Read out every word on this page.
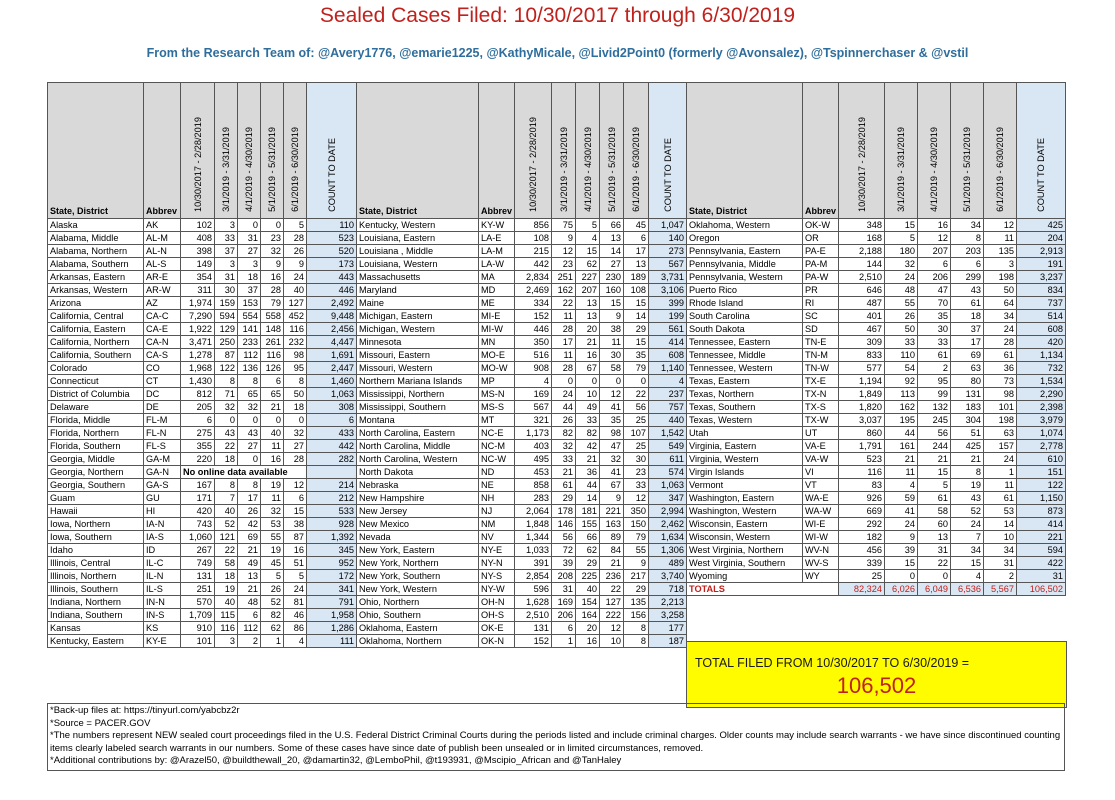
Sealed Cases Filed: 10/30/2017 through 6/30/2019
From the Research Team of: @Avery1776, @emarie1225, @KathyMicale, @Livid2Point0 (formerly @Avonsalez), @Tspinnerchaser & @vstil
State, District	Abbrev	10/30/2017 - 2/28/2019	3/1/2019 - 3/31/2019	4/1/2019 - 4/30/2019	5/1/2019 - 5/31/2019	6/1/2019 - 6/30/2019	COUNT TO DATE

Alaska	AK	102	3	0	0	5	110
Alabama, Middle	AL-M	408	33	31	23	28	523
Alabama, Northern	AL-N	398	37	27	32	26	520
Alabama, Southern	AL-S	149	3	3	9	9	173
Arkansas, Eastern	AR-E	354	31	18	16	24	443
Arkansas, Western	AR-W	311	30	37	28	40	446
Arizona	AZ	1,974	159	153	79	127	2,492
California, Central	CA-C	7,290	594	554	558	452	9,448
California, Eastern	CA-E	1,922	129	141	148	116	2,456
California, Northern	CA-N	3,471	250	233	261	232	4,447
California, Southern	CA-S	1,278	87	112	116	98	1,691
Colorado	CO	1,968	122	136	126	95	2,447
Connecticut	CT	1,430	8	8	6	8	1,460
District of Columbia	DC	812	71	65	65	50	1,063
Delaware	DE	205	32	32	21	18	308
Florida, Middle	FL-M	6	0	0	0	0	6
Florida, Northern	FL-N	275	43	43	40	32	433
Florida, Southern	FL-S	355	22	27	11	27	442
Georgia, Middle	GA-M	220	18	0	16	28	282
Georgia, Northern	GA-N	No online data available					
Georgia, Southern	GA-S	167	8	8	19	12	214
Guam	GU	171	7	17	11	6	212
Hawaii	HI	420	40	26	32	15	533
Iowa, Northern	IA-N	743	52	42	53	38	928
Iowa, Southern	IA-S	1,060	121	69	55	87	1,392
Idaho	ID	267	22	21	19	16	345
Illinois, Central	IL-C	749	58	49	45	51	952
Illinois, Northern	IL-N	131	18	13	5	5	172
Illinois, Southern	IL-S	251	19	21	26	24	341
Indiana, Northern	IN-N	570	40	48	52	81	791
Indiana, Southern	IN-S	1,709	115	6	82	46	1,958
Kansas	KS	910	116	112	62	86	1,286
Kentucky, Eastern	KY-E	101	3	2	1	4	111
State, District	Abbrev	10/30/2017 - 2/28/2019	3/1/2019 - 3/31/2019	4/1/2019 - 4/30/2019	5/1/2019 - 5/31/2019	6/1/2019 - 6/30/2019	COUNT TO DATE

Kentucky, Western	KY-W	856	75	5	66	45	1,047
Louisiana, Eastern	LA-E	108	9	4	13	6	140
Louisiana , Middle	LA-M	215	12	15	14	17	273
Louisiana, Western	LA-W	442	23	62	27	13	567
Massachusetts	MA	2,834	251	227	230	189	3,731
Maryland	MD	2,469	162	207	160	108	3,106
Maine	ME	334	22	13	15	15	399
Michigan, Eastern	MI-E	152	11	13	9	14	199
Michigan, Western	MI-W	446	28	20	38	29	561
Minnesota	MN	350	17	21	11	15	414
Missouri, Eastern	MO-E	516	11	16	30	35	608
Missouri, Western	MO-W	908	28	67	58	79	1,140
Northern Mariana Islands	MP	4	0	0	0	0	4
Mississippi, Northern	MS-N	169	24	10	12	22	237
Mississippi, Southern	MS-S	567	44	49	41	56	757
Montana	MT	321	26	33	35	25	440
North Carolina, Eastern	NC-E	1,173	82	82	98	107	1,542
North Carolina, Middle	NC-M	403	32	42	47	25	549
North Carolina, Western	NC-W	495	33	21	32	30	611
North Dakota	ND	453	21	36	41	23	574
Nebraska	NE	858	61	44	67	33	1,063
New Hampshire	NH	283	29	14	9	12	347
New Jersey	NJ	2,064	178	181	221	350	2,994
New Mexico	NM	1,848	146	155	163	150	2,462
Nevada	NV	1,344	56	66	89	79	1,634
New York, Eastern	NY-E	1,033	72	62	84	55	1,306
New York, Northern	NY-N	391	39	29	21	9	489
New York, Southern	NY-S	2,854	208	225	236	217	3,740
New York, Western	NY-W	596	31	40	22	29	718
Ohio, Northern	OH-N	1,628	169	154	127	135	2,213
Ohio, Southern	OH-S	2,510	206	164	222	156	3,258
Oklahoma, Eastern	OK-E	131	6	20	12	8	177
Oklahoma, Northern	OK-N	152	1	16	10	8	187
State, District	Abbrev	10/30/2017 - 2/28/2019	3/1/2019 - 3/31/2019	4/1/2019 - 4/30/2019	5/1/2019 - 5/31/2019	6/1/2019 - 6/30/2019	COUNT TO DATE

Oklahoma, Western	OK-W	348	15	16	34	12	425
Oregon	OR	168	5	12	8	11	204
Pennsylvania, Eastern	PA-E	2,188	180	207	203	135	2,913
Pennsylvania, Middle	PA-M	144	32	6	6	3	191
Pennsylvania, Western	PA-W	2,510	24	206	299	198	3,237
Puerto Rico	PR	646	48	47	43	50	834
Rhode Island	RI	487	55	70	61	64	737
South Carolina	SC	401	26	35	18	34	514
South Dakota	SD	467	50	30	37	24	608
Tennessee, Eastern	TN-E	309	33	33	17	28	420
Tennessee, Middle	TN-M	833	110	61	69	61	1,134
Tennessee, Western	TN-W	577	54	2	63	36	732
Texas, Eastern	TX-E	1,194	92	95	80	73	1,534
Texas, Northern	TX-N	1,849	113	99	131	98	2,290
Texas, Southern	TX-S	1,820	162	132	183	101	2,398
Texas, Western	TX-W	3,037	195	245	304	198	3,979
Utah	UT	860	44	56	51	63	1,074
Virginia, Eastern	VA-E	1,791	161	244	425	157	2,778
Virginia, Western	VA-W	523	21	21	21	24	610
Virgin Islands	VI	116	11	15	8	1	151
Vermont	VT	83	4	5	19	11	122
Washington, Eastern	WA-E	926	59	61	43	61	1,150
Washington, Western	WA-W	669	41	58	52	53	873
Wisconsin, Eastern	WI-E	292	24	60	24	14	414
Wisconsin, Western	WI-W	182	9	13	7	10	221
West Virginia, Northern	WV-N	456	39	31	34	34	594
West Virginia, Southern	WV-S	339	15	22	15	31	422
Wyoming	WY	25	0	0	4	2	31
TOTALS		82,324	6,026	6,049	6,536	5,567	106,502
TOTAL FILED FROM 10/30/2017 TO 6/30/2019 =
106,502
*Back-up files at: https://tinyurl.com/yabcbz2r
*Source = PACER.GOV
*The numbers represent NEW sealed court proceedings filed in the U.S. Federal District Criminal Courts during the periods listed and include criminal charges. Older counts may include search warrants - we have since discontinued counting items clearly labeled search warrants in our numbers. Some of these cases have since date of publish been unsealed or in limited circumstances, removed.
*Additional contributions by: @Arazel50, @buildthewall_20, @damartin32, @LemboPhil, @t193931, @Mscipio_African and @TanHaley
